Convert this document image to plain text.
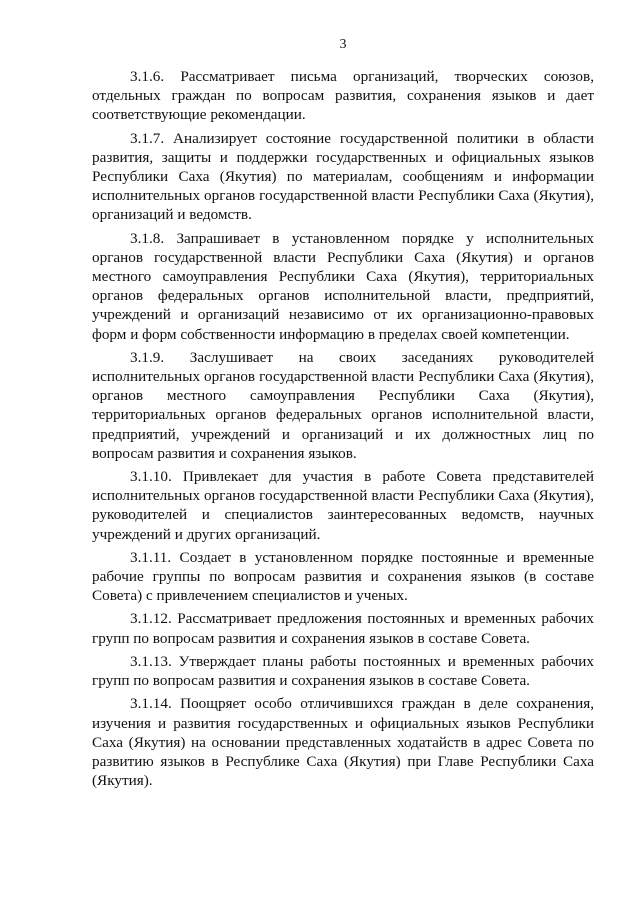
3

3.1.6. Рассматривает письма организаций, творческих союзов, отдельных граждан по вопросам развития, сохранения языков и дает соответствующие рекомендации.

3.1.7. Анализирует состояние государственной политики в области развития, защиты и поддержки государственных и официальных языков Республики Саха (Якутия) по материалам, сообщениям и информации исполнительных органов государственной власти Республики Саха (Якутия), организаций и ведомств.

3.1.8. Запрашивает в установленном порядке у исполнительных органов государственной власти Республики Саха (Якутия) и органов местного самоуправления Республики Саха (Якутия), территориальных органов федеральных органов исполнительной власти, предприятий, учреждений и организаций независимо от их организационно-правовых форм и форм собственности информацию в пределах своей компетенции.

3.1.9. Заслушивает на своих заседаниях руководителей исполнительных органов государственной власти Республики Саха (Якутия), органов местного самоуправления Республики Саха (Якутия), территориальных органов федеральных органов исполнительной власти, предприятий, учреждений и организаций и их должностных лиц по вопросам развития и сохранения языков.

3.1.10. Привлекает для участия в работе Совета представителей исполнительных органов государственной власти Республики Саха (Якутия), руководителей и специалистов заинтересованных ведомств, научных учреждений и других организаций.

3.1.11. Создает в установленном порядке постоянные и временные рабочие группы по вопросам развития и сохранения языков (в составе Совета) с привлечением специалистов и ученых.

3.1.12. Рассматривает предложения постоянных и временных рабочих групп по вопросам развития и сохранения языков в составе Совета.

3.1.13. Утверждает планы работы постоянных и временных рабочих групп по вопросам развития и сохранения языков в составе Совета.

3.1.14. Поощряет особо отличившихся граждан в деле сохранения, изучения и развития государственных и официальных языков Республики Саха (Якутия) на основании представленных ходатайств в адрес Совета по развитию языков в Республике Саха (Якутия) при Главе Республики Саха (Якутия).
